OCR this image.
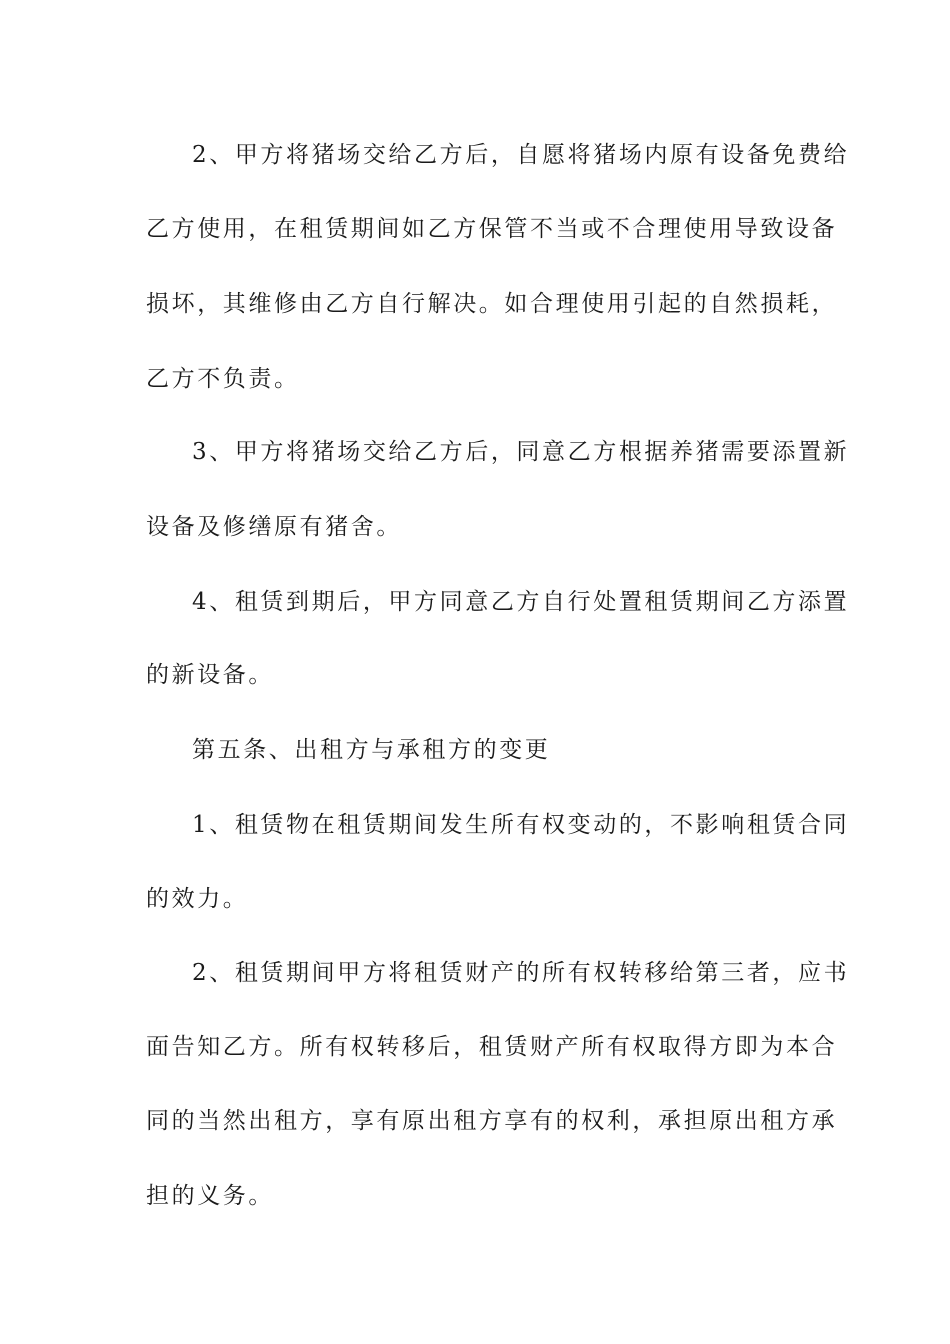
2、甲方将猪场交给乙方后，自愿将猪场内原有设备免费给
乙方使用，在租赁期间如乙方保管不当或不合理使用导致设备
损坏，其维修由乙方自行解决。如合理使用引起的自然损耗，
乙方不负责。
3、甲方将猪场交给乙方后，同意乙方根据养猪需要添置新
设备及修缮原有猪舍。
4、租赁到期后，甲方同意乙方自行处置租赁期间乙方添置
的新设备。
第五条、出租方与承租方的变更
1、租赁物在租赁期间发生所有权变动的，不影响租赁合同
的效力。
2、租赁期间甲方将租赁财产的所有权转移给第三者，应书
面告知乙方。所有权转移后，租赁财产所有权取得方即为本合
同的当然出租方，享有原出租方享有的权利，承担原出租方承
担的义务。
